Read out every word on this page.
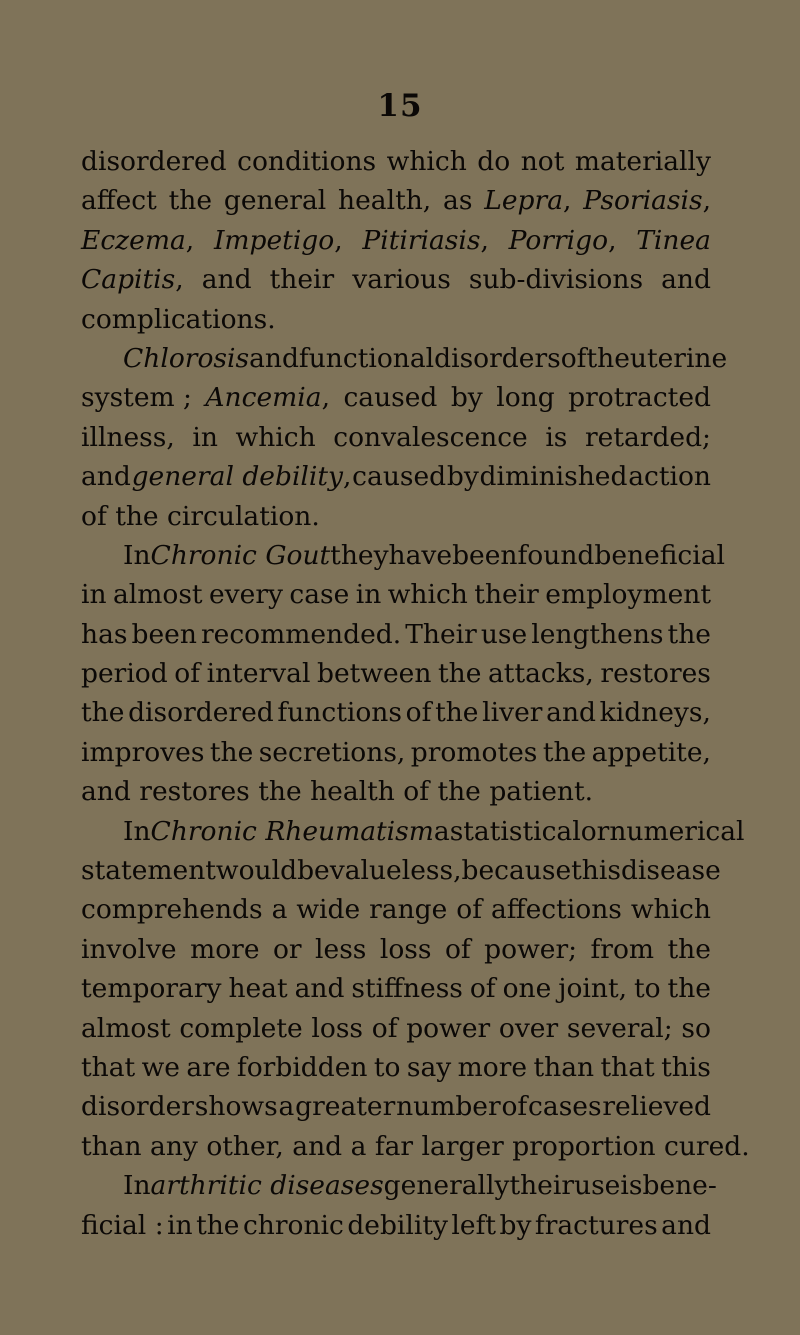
15
disordered conditions which do not materially
affect the general health, as Lepra, Psoriasis,
Eczema, Impetigo, Pitiriasis, Porrigo, Tinea
Capitis, and their various sub-divisions and
complications.
Chlorosis and functional disorders of the uterine
system ; Ancemia, caused by long protracted
illness, in which convalescence is retarded;
and general debility, caused by diminished action
of the circulation.
In Chronic Gout they have been found beneficial
in almost every case in which their employment
has been recommended. Their use lengthens the
period of interval between the attacks, restores
the disordered functions of the liver and kidneys,
improves the secretions, promotes the appetite,
and restores the health of the patient.
In Chronic Rheumatism a statistical or numerical
statement would be valueless, because this disease
comprehends a wide range of affections which
involve more or less loss of power; from the
temporary heat and stiffness of one joint, to the
almost complete loss of power over several; so
that we are forbidden to say more than that this
disorder shows a greater number of cases relieved
than any other, and a far larger proportion cured.
In arthritic diseases generally their use is bene-
ficial : in the chronic debility left by fractures and
